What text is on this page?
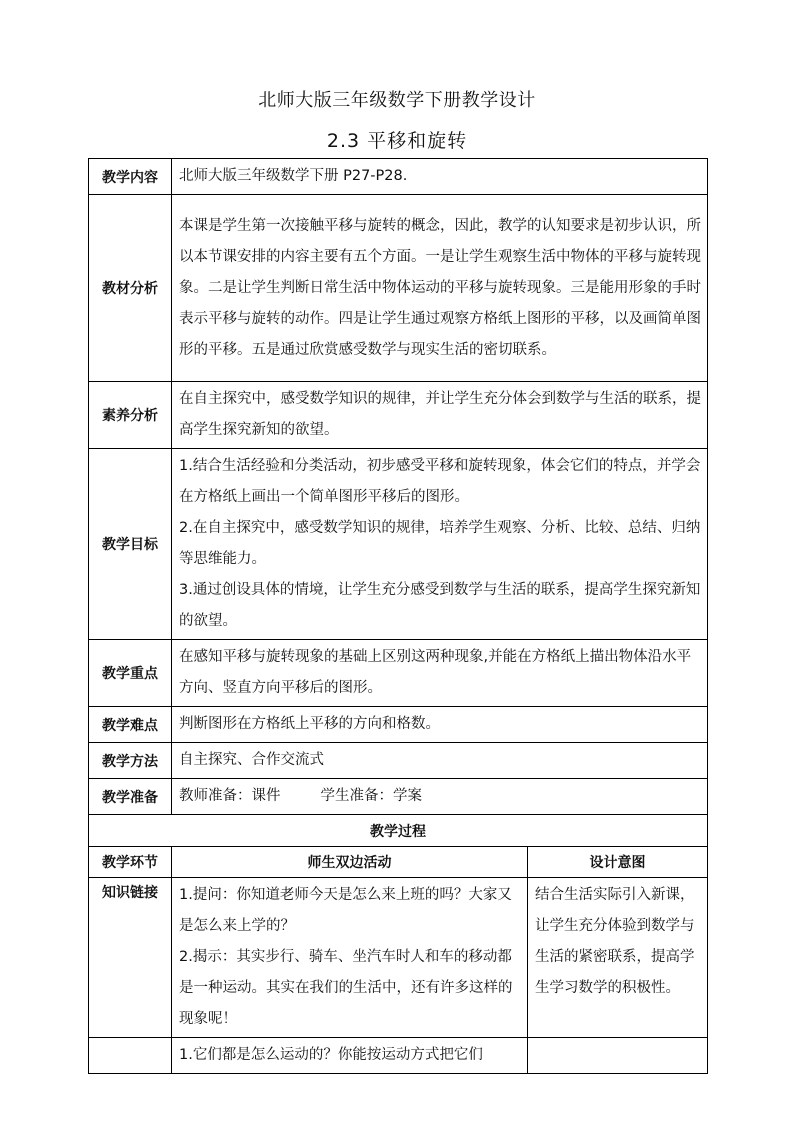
北师大版三年级数学下册教学设计
2.3 平移和旋转
教学内容	北师大版三年级数学下册 P27-P28.	
教材分析	本课是学生第一次接触平移与旋转的概念，因此，教学的认知要求是初步认识，所以本节课安排的内容主要有五个方面。一是让学生观察生活中物体的平移与旋转现象。二是让学生判断日常生活中物体运动的平移与旋转现象。三是能用形象的手时表示平移与旋转的动作。四是让学生通过观察方格纸上图形的平移，以及画简单图形的平移。五是通过欣赏感受数学与现实生活的密切联系。	
素养分析	在自主探究中，感受数学知识的规律，并让学生充分体会到数学与生活的联系，提高学生探究新知的欲望。	
教学目标	1.结合生活经验和分类活动，初步感受平移和旋转现象，体会它们的特点，并学会在方格纸上画出一个简单图形平移后的图形。

2.在自主探究中，感受数学知识的规律，培养学生观察、分析、比较、总结、归纳等思维能力。

3.通过创设具体的情境，让学生充分感受到数学与生活的联系，提高学生探究新知的欲望。	

教学重点	在感知平移与旋转现象的基础上区别这两种现象,并能在方格纸上描出物体沿水平方向、竖直方向平移后的图形。	
教学难点	判断图形在方格纸上平移的方向和格数。	
教学方法	自主探究、合作交流式	
教学准备	教师准备：课件 学生准备：学案	
教学过程		
教学环节	师生双边活动	设计意图
知识链接	1.提问：你知道老师今天是怎么来上班的吗？大家又是怎么来上学的？

2.揭示：其实步行、骑车、坐汽车时人和车的移动都是一种运动。其实在我们的生活中，还有许多这样的现象呢！	结合生活实际引入新课，让学生充分体验到数学与生活的紧密联系，提高学生学习数学的积极性。
	1.它们都是怎么运动的？你能按运动方式把它们	
